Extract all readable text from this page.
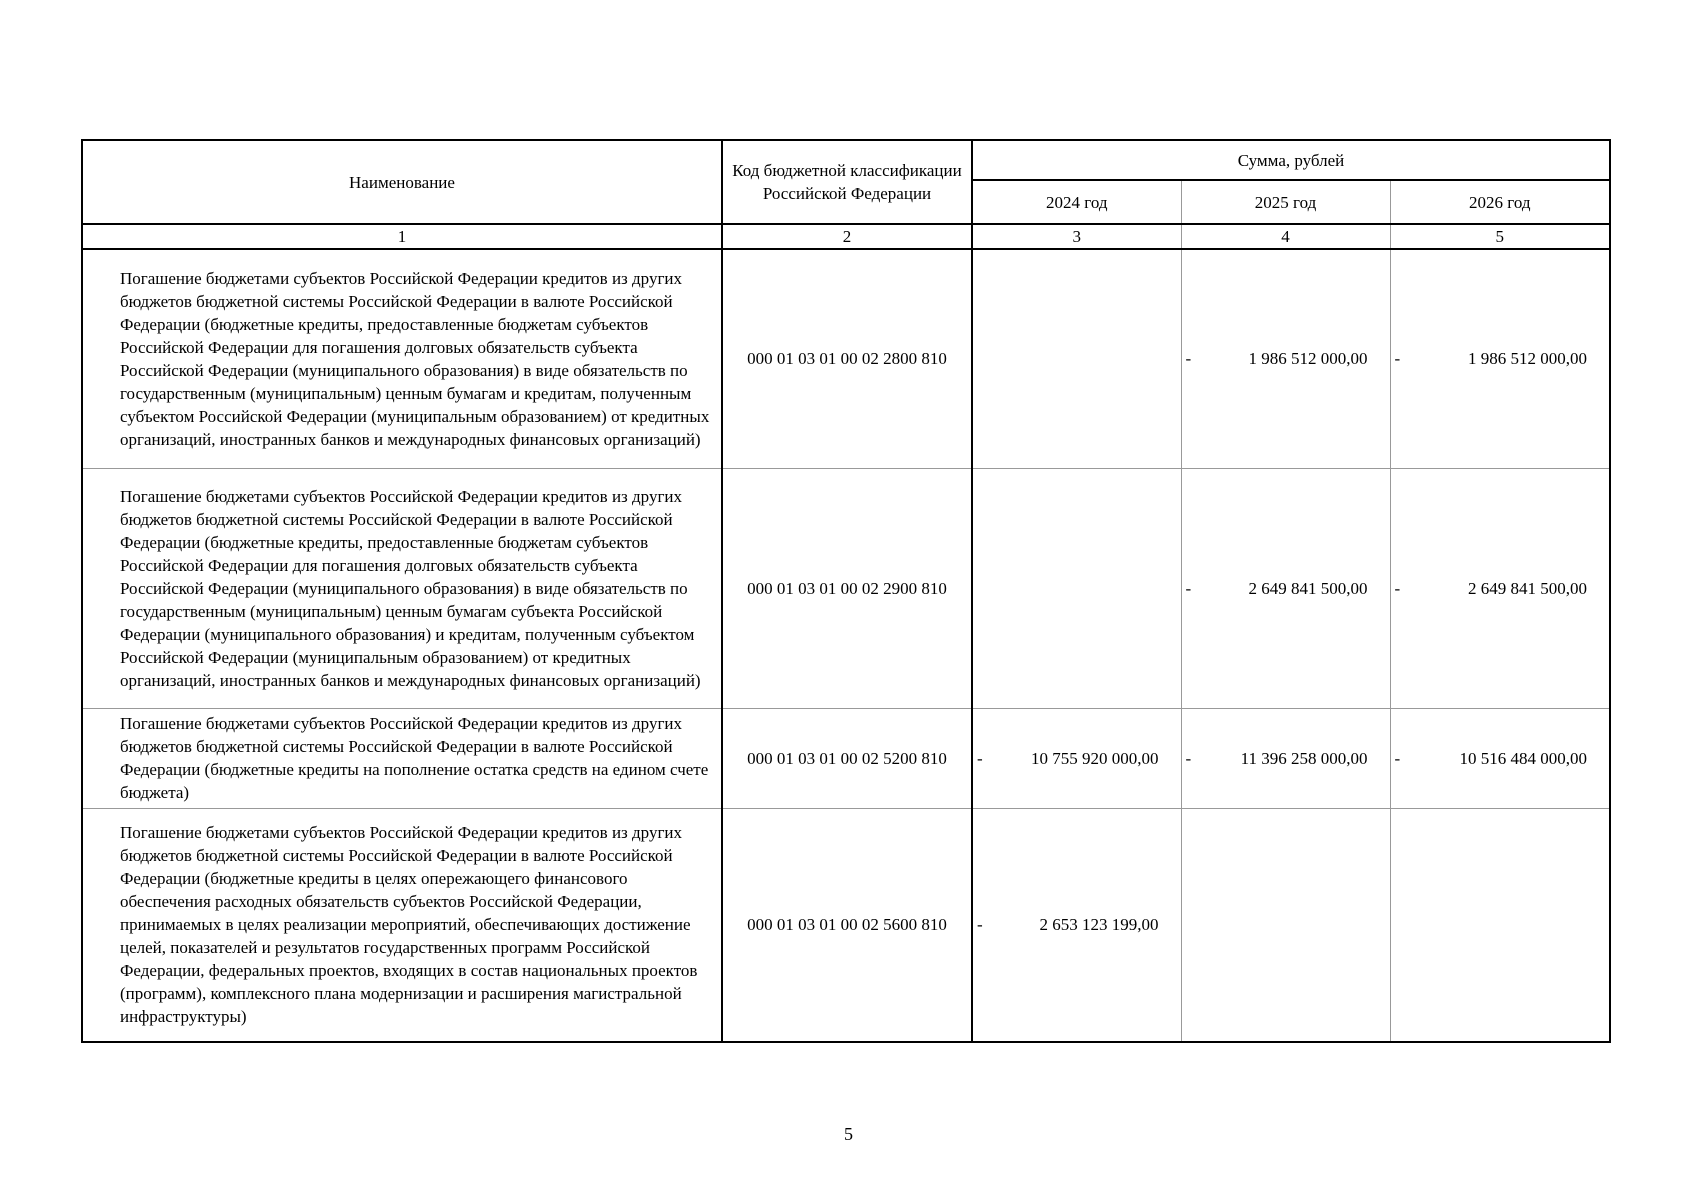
Наименование	Код бюджетной классификации Российской Федерации	Сумма, рублей		
		2024 год	2025 год	2026 год
1	2	3	4	5
Погашение бюджетами субъектов Российской Федерации кредитов из других бюджетов бюджетной системы Российской Федерации в валюте Российской Федерации (бюджетные кредиты, предоставленные бюджетам субъектов Российской Федерации для погашения долговых обязательств субъекта Российской Федерации (муниципального образования) в виде обязательств по государственным (муниципальным) ценным бумагам и кредитам, полученным субъектом Российской Федерации (муниципальным образованием) от кредитных организаций, иностранных банков и международных финансовых организаций)	000 01 03 01 00 02 2800 810		- 1 986 512 000,00	- 1 986 512 000,00

Погашение бюджетами субъектов Российской Федерации кредитов из других бюджетов бюджетной системы Российской Федерации в валюте Российской Федерации (бюджетные кредиты, предоставленные бюджетам субъектов Российской Федерации для погашения долговых обязательств субъекта Российской Федерации (муниципального образования) в виде обязательств по государственным (муниципальным) ценным бумагам субъекта Российской Федерации (муниципального образования) и кредитам, полученным субъектом Российской Федерации (муниципальным образованием) от кредитных организаций, иностранных банков и международных финансовых организаций)	000 01 03 01 00 02 2900 810		- 2 649 841 500,00	- 2 649 841 500,00

Погашение бюджетами субъектов Российской Федерации кредитов из других бюджетов бюджетной системы Российской Федерации в валюте Российской Федерации (бюджетные кредиты на пополнение остатка средств на едином счете бюджета)	000 01 03 01 00 02 5200 810	- 10 755 920 000,00	- 11 396 258 000,00	- 10 516 484 000,00

Погашение бюджетами субъектов Российской Федерации кредитов из других бюджетов бюджетной системы Российской Федерации в валюте Российской Федерации (бюджетные кредиты в целях опережающего финансового обеспечения расходных обязательств субъектов Российской Федерации, принимаемых в целях реализации мероприятий, обеспечивающих достижение целей, показателей и результатов государственных программ Российской Федерации, федеральных проектов, входящих в состав национальных проектов (программ), комплексного плана модернизации и расширения магистральной инфраструктуры)	000 01 03 01 00 02 5600 810	- 2 653 123 199,00		

5
